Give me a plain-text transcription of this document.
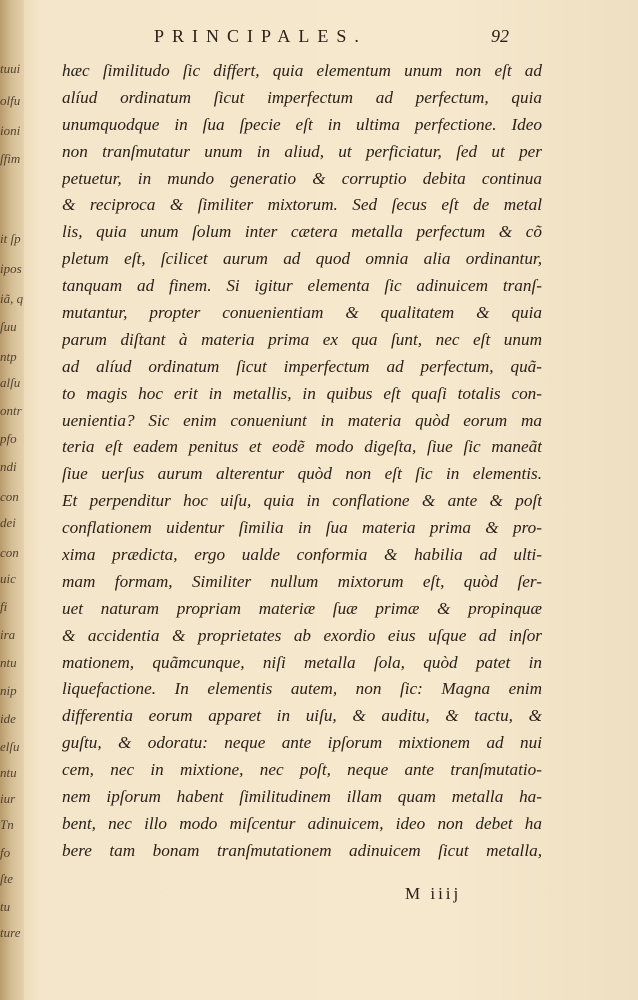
tuui
olfu
ioni
ſfim
it ſp
ipos
iã, q
ſuu
ntp
alſu
ontr
pfo
ndi
con
dei
con
uic
fi
ira
ntu
nip
ide
elſu
ntu
iur
Tn
fo
ſte
tu
ture
PRINCIPALES.	92
hæc ſimilitudo ſic differt, quia elementum unum non eſt ad
alíud ordinatum ſicut imperfectum ad perfectum, quia
unumquodque in ſua ſpecie eſt in ultima perfectione. Ideo
non tranſmutatur unum in aliud, ut perficiatur, ſed ut per
petuetur, in mundo generatio & corruptio debita continua
& reciproca & ſimiliter mixtorum. Sed ſecus eſt de metal
lis, quia unum ſolum inter cætera metalla perfectum & cõ
pletum eſt, ſcilicet aurum ad quod omnia alia ordinantur,
tanquam ad finem. Si igitur elementa ſic adinuicem tranſ-
mutantur, propter conuenientiam & qualitatem & quia
parum diſtant à materia prima ex qua ſunt, nec eſt unum
ad alíud ordinatum ſicut imperfectum ad perfectum, quã-
to magis hoc erit in metallis, in quibus eſt quaſi totalis con-
uenientia? Sic enim conueniunt in materia quòd eorum ma
teria eſt eadem penitus et eodẽ modo digeſta, ſiue ſic maneãt
ſiue uerſus aurum alterentur quòd non eſt ſic in elementis.
Et perpenditur hoc uiſu, quia in conflatione & ante & poſt
conflationem uidentur ſimilia in ſua materia prima & pro-
xima prædicta, ergo ualde conformia & habilia ad ulti-
mam formam, Similiter nullum mixtorum eſt, quòd ſer-
uet naturam propriam materiæ ſuæ primæ & propinquæ
& accidentia & proprietates ab exordio eius uſque ad inſor
mationem, quãmcunque, niſi metalla ſola, quòd patet in
liquefactione. In elementis autem, non ſic: Magna enim
differentia eorum apparet in uiſu, & auditu, & tactu, &
guſtu, & odoratu: neque ante ipſorum mixtionem ad nui
cem, nec in mixtione, nec poſt, neque ante tranſmutatio-
nem ipſorum habent ſimilitudinem illam quam metalla ha-
bent, nec illo modo miſcentur adinuicem, ideo non debet ha
bere tam bonam tranſmutationem adinuicem ſicut metalla,
M iiij
